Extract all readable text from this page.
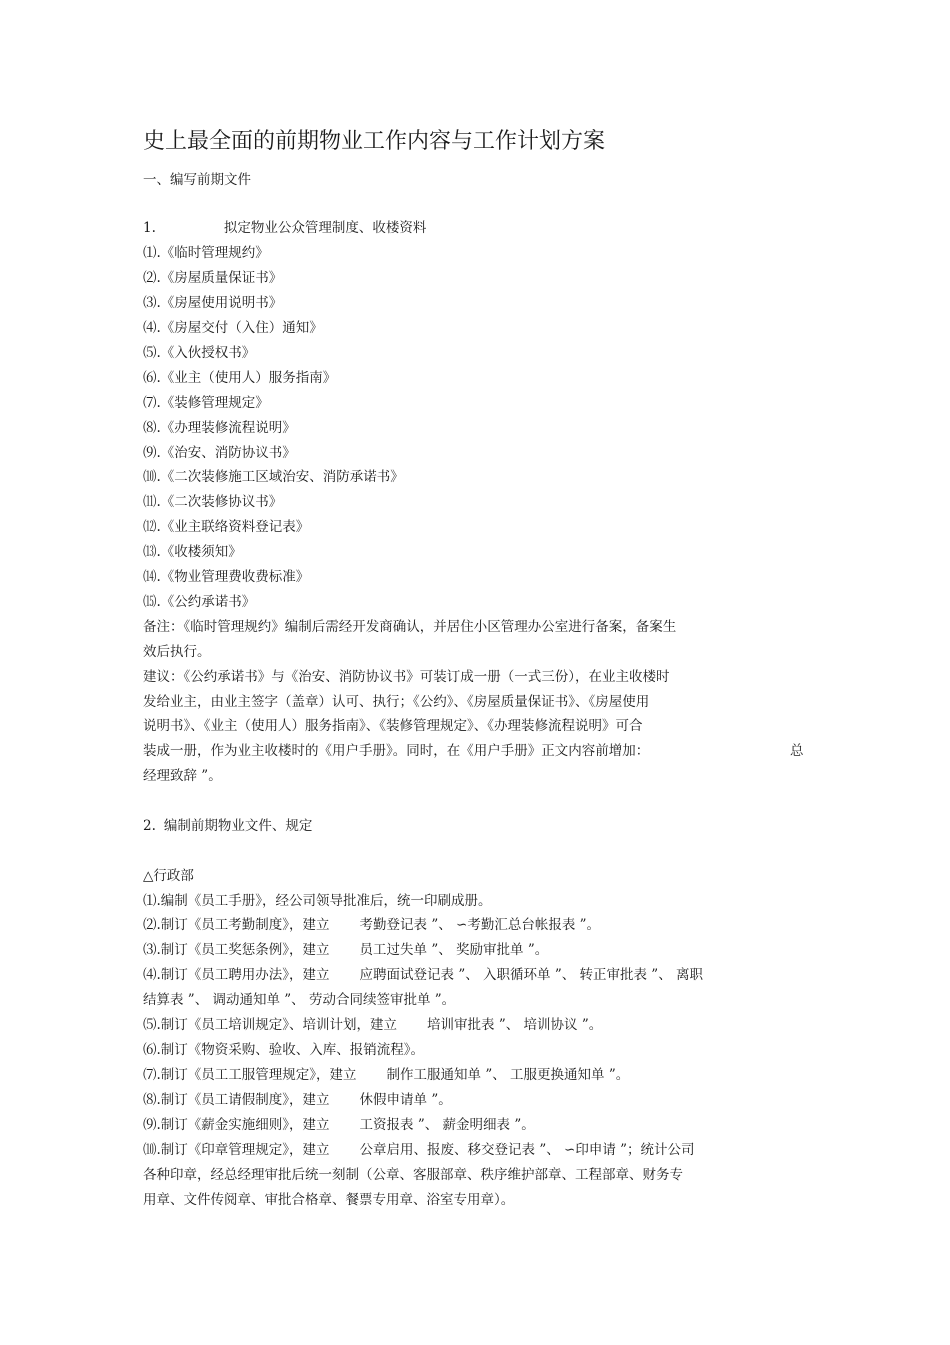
史上最全面的前期物业工作内容与工作计划方案
一、编写前期文件
1.	拟定物业公众管理制度、收楼资料
⑴.《临时管理规约》
⑵.《房屋质量保证书》
⑶.《房屋使用说明书》
⑷.《房屋交付（入住）通知》
⑸.《入伙授权书》
⑹.《业主（使用人）服务指南》
⑺.《装修管理规定》
⑻.《办理装修流程说明》
⑼.《治安、消防协议书》
⑽.《二次装修施工区域治安、消防承诺书》
⑾.《二次装修协议书》
⑿.《业主联络资料登记表》
⒀.《收楼须知》
⒁.《物业管理费收费标准》
⒂.《公约承诺书》
备注：《临时管理规约》编制后需经开发商确认，并居住小区管理办公室进行备案，备案生
效后执行。
建议：《公约承诺书》与《治安、消防协议书》可装订成一册（一式三份），在业主收楼时
发给业主，由业主签字（盖章）认可、执行；《公约》、《房屋质量保证书》、《房屋使用
说明书》、《业主（使用人）服务指南》、《装修管理规定》、《办理装修流程说明》可合
装成一册，作为业主收楼时的《用户手册》。同时，在《用户手册》正文内容前增加：	总
经理致辞 ”。
2. 编制前期物业文件、规定
△行政部
⑴.编制《员工手册》，经公司领导批准后，统一印刷成册。
⑵.制订《员工考勤制度》，建立 考勤登记表 ”、 ∽考勤汇总台帐报表 ”。
⑶.制订《员工奖惩条例》，建立 员工过失单 ”、 奖励审批单 ”。
⑷.制订《员工聘用办法》，建立 应聘面试登记表 ”、 入职循环单 ”、 转正审批表 ”、 离职
结算表 ”、 调动通知单 ”、 劳动合同续签审批单 ”。
⑸.制订《员工培训规定》、培训计划，建立 培训审批表 ”、 培训协议 ”。
⑹.制订《物资采购、验收、入库、报销流程》。
⑺.制订《员工工服管理规定》，建立 制作工服通知单 ”、 工服更换通知单 ”。
⑻.制订《员工请假制度》，建立 休假申请单 ”。
⑼.制订《薪金实施细则》，建立 工资报表 ”、 薪金明细表 ”。
⑽.制订《印章管理规定》，建立 公章启用、报废、移交登记表 ”、 ∽印申请 ”；统计公司
各种印章，经总经理审批后统一刻制（公章、客服部章、秩序维护部章、工程部章、财务专
用章、文件传阅章、审批合格章、餐票专用章、浴室专用章）。
